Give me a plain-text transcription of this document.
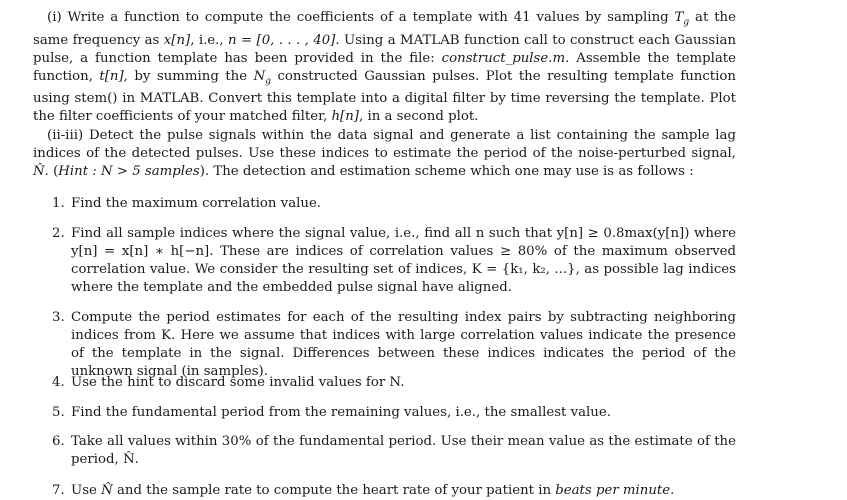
(i) Write a function to compute the coefficients of a template with 41 values by sampling $T_g$ at the same frequency as x[n], i.e., n = [0, . . . , 40]. Using a MATLAB function call to construct each Gaussian pulse, a function template has been provided in the file: construct_pulse.m. Assemble the template function, t[n], by summing the $N_g$ constructed Gaussian pulses. Plot the resulting template function using stem() in MATLAB. Convert this template into a digital filter by time reversing the template. Plot the filter coefficients of your matched filter, h[n], in a second plot.

(ii-iii) Detect the pulse signals within the data signal and generate a list containing the sample lag indices of the detected pulses. Use these indices to estimate the period of the noise-perturbed signal, N̂. (Hint : N > 5 samples). The detection and estimation scheme which one may use is as follows :

1. Find the maximum correlation value.
2. Find all sample indices where the signal value, i.e., find all n such that y[n] ≥ 0.8max(y[n]) where y[n] = x[n] ∗ h[−n]. These are indices of correlation values ≥ 80% of the maximum observed correlation value. We consider the resulting set of indices, K = {k₁, k₂, ...}, as possible lag indices where the template and the embedded pulse signal have aligned.
3. Compute the period estimates for each of the resulting index pairs by subtracting neighboring indices from K. Here we assume that indices with large correlation values indicate the presence of the template in the signal. Differences between these indices indicates the period of the unknown signal (in samples).
4. Use the hint to discard some invalid values for N.
5. Find the fundamental period from the remaining values, i.e., the smallest value.
6. Take all values within 30% of the fundamental period. Use their mean value as the estimate of the period, N̂.
7. Use N̂ and the sample rate to compute the heart rate of your patient in beats per minute.
